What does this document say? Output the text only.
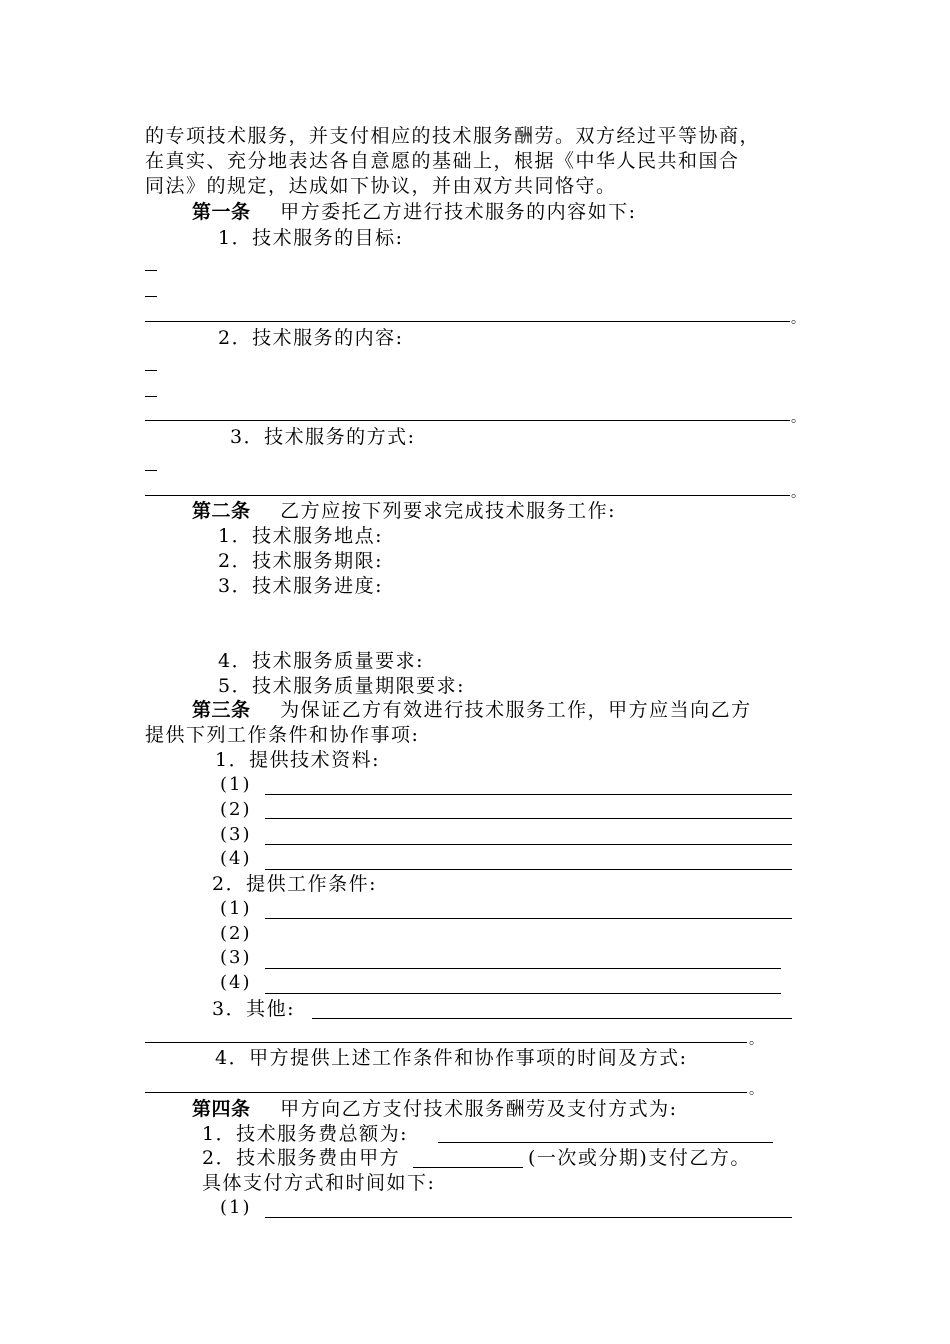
的专项技术服务，并支付相应的技术服务酬劳。双方经过平等协商，
在真实、充分地表达各自意愿的基础上，根据《中华人民共和国合
同法》的规定，达成如下协议，并由双方共同恪守。
第一条 甲方委托乙方进行技术服务的内容如下:
1．技术服务的目标:
。
2．技术服务的内容:
。
3．技术服务的方式:
。
第二条 乙方应按下列要求完成技术服务工作:
1．技术服务地点:
2．技术服务期限:
3．技术服务进度:
4．技术服务质量要求:
5．技术服务质量期限要求:
第三条 为保证乙方有效进行技术服务工作，甲方应当向乙方
提供下列工作条件和协作事项:
1．提供技术资料:
(1)
(2)
(3)
(4)
2．提供工作条件:
(1)
(2)
(3)
(4)
3．其他:
。
4．甲方提供上述工作条件和协作事项的时间及方式:
。
第四条 甲方向乙方支付技术服务酬劳及支付方式为:
1．技术服务费总额为:
2．技术服务费由甲方	(一次或分期)支付乙方。
具体支付方式和时间如下:
(1)
